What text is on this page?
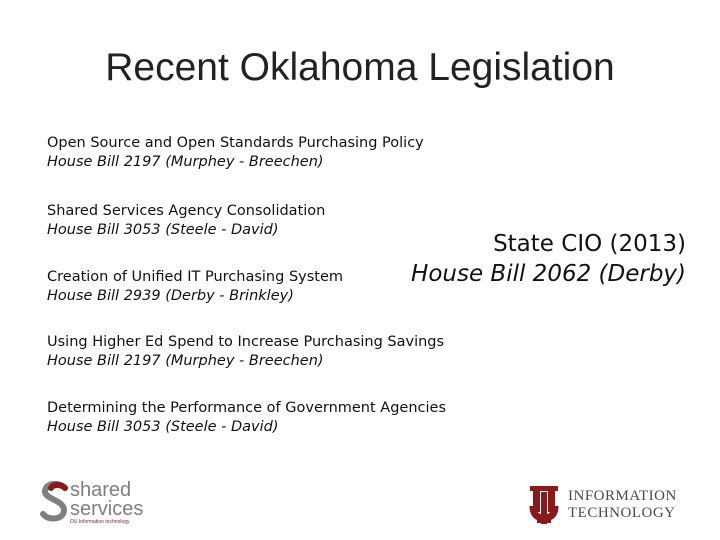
Recent Oklahoma Legislation
Open Source and Open Standards Purchasing Policy
House Bill 2197 (Murphey - Breechen)
Shared Services Agency Consolidation
House Bill 3053 (Steele - David)
Creation of Unified IT Purchasing System
House Bill 2939 (Derby - Brinkley)
Using Higher Ed Spend to Increase Purchasing Savings
House Bill 2197 (Murphey - Breechen)
Determining the Performance of Government Agencies
House Bill 3053 (Steele - David)
State CIO (2013)
House Bill 2062 (Derby)
shared
services
OU Information technology
INFORMATION
TECHNOLOGY
